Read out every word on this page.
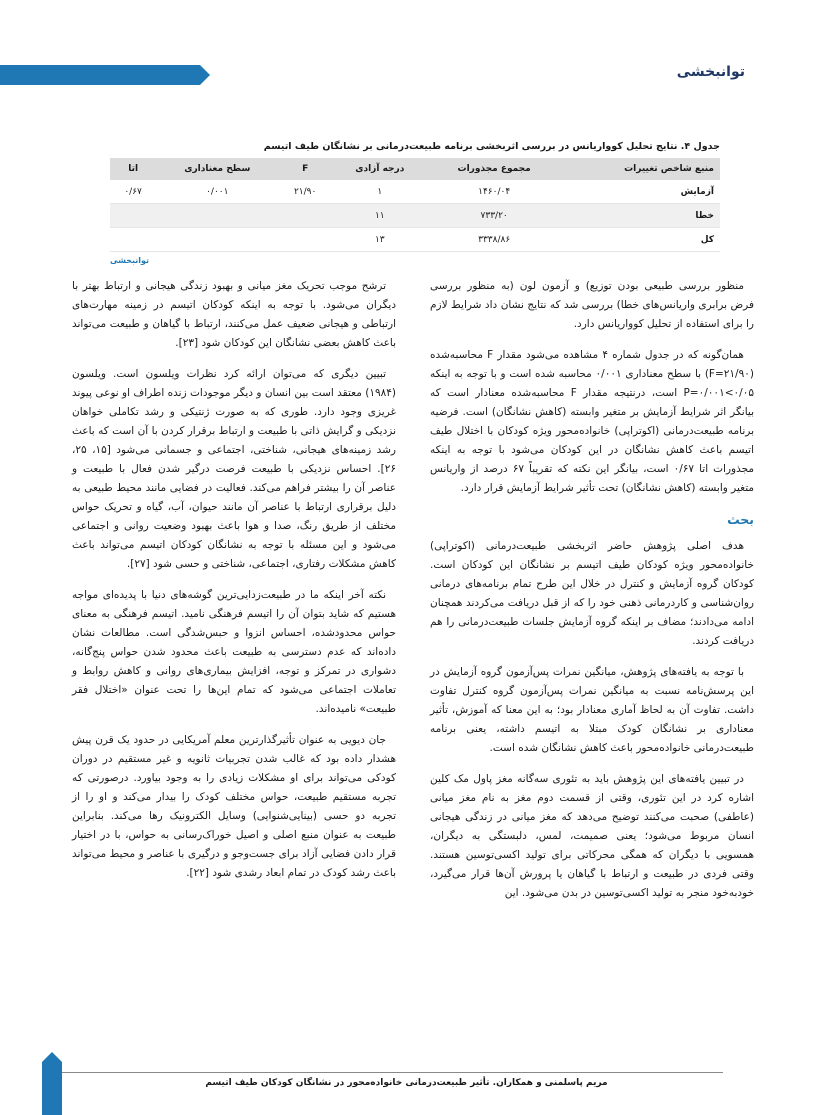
توانبخشی
جدول ۴. نتایج تحلیل کوواریانس در بررسی اثربخشی برنامه طبیعت‌درمانی بر نشانگان طیف اتیسم
منبع شاخص تغییرات	مجموع مجذورات	درجه آزادی	F	سطح معناداری	اتا
آزمایش	۱۴۶۰/۰۴	۱	۲۱/۹۰	۰/۰۰۱	۰/۶۷
خطا	۷۳۳/۲۰	۱۱			
کل	۳۳۳۸/۸۶	۱۳			
توانبخشی

منظور بررسی طبیعی بودن توزیع) و آزمون لون (به منظور بررسی فرض برابری واریانس‌های خطا) بررسی شد که نتایج نشان داد شرایط لازم را برای استفاده از تحلیل کوواریانس دارد.

همان‌گونه که در جدول شماره ۴ مشاهده می‌شود مقدار F محاسبه‌شده (۲۱/۹۰=F) با سطح معناداری ۰/۰۰۱ محاسبه شده است و با توجه به اینکه ۰/۰۵>۰/۰۰۱=P است، درنتیجه مقدار F محاسبه‌شده معنادار است که بیانگر اثر شرایط آزمایش بر متغیر وابسته (کاهش نشانگان) است. فرضیه برنامه طبیعت‌درمانی (اکوتراپی) خانواده‌محور ویژه کودکان با اختلال طیف اتیسم باعث کاهش نشانگان در این کودکان می‌شود با توجه به اینکه مجذورات اتا ۰/۶۷ است، بیانگر این نکته که تقریباً ۶۷ درصد از واریانس متغیر وابسته (کاهش نشانگان) تحت تأثیر شرایط آزمایش قرار دارد.

بحث

هدف اصلی پژوهش حاضر اثربخشی طبیعت‌درمانی (اکوتراپی) خانواده‌محور ویژه کودکان طیف اتیسم بر نشانگان این کودکان است. کودکان گروه آزمایش و کنترل در خلال این طرح تمام برنامه‌های درمانی روان‌شناسی و کاردرمانی ذهنی خود را که از قبل دریافت می‌کردند همچنان ادامه می‌دادند؛ مضاف بر اینکه گروه آزمایش جلسات طبیعت‌درمانی را هم دریافت کردند.

با توجه به یافته‌های پژوهش، میانگین نمرات پس‌آزمون گروه آزمایش در این پرسش‌نامه نسبت به میانگین نمرات پس‌آزمون گروه کنترل تفاوت داشت. تفاوت آن به لحاظ آماری معنادار بود؛ به این معنا که آموزش، تأثیر معناداری بر نشانگان کودک مبتلا به اتیسم داشته، یعنی برنامه طبیعت‌درمانی خانواده‌محور باعث کاهش نشانگان شده است.

در تبیین یافته‌های این پژوهش باید به تئوری سه‌گانه مغز پاول مک کلین اشاره کرد در این تئوری، وقتی از قسمت دوم مغز به نام مغز میانی (عاطفی) صحبت می‌کنند توضیح می‌دهد که مغز میانی در زندگی هیجانی انسان مربوط می‌شود؛ یعنی صمیمت، لمس، دلبستگی به دیگران، همسویی با دیگران که همگی محرکاتی برای تولید اکسی‌توسین هستند. وقتی فردی در طبیعت و ارتباط با گیاهان یا پرورش آن‌ها قرار می‌گیرد، خودبه‌خود منجر به تولید اکسی‌توسین در بدن می‌شود. این

ترشح موجب تحریک مغز میانی و بهبود زندگی هیجانی و ارتباط بهتر با دیگران می‌شود. با توجه به اینکه کودکان اتیسم در زمینه مهارت‌های ارتباطی و هیجانی ضعیف عمل می‌کنند، ارتباط با گیاهان و طبیعت می‌تواند باعث کاهش بعضی نشانگان این کودکان شود [۲۳].

تبیین دیگری که می‌توان ارائه کرد نظرات ویلسون است. ویلسون (۱۹۸۴) معتقد است بین انسان و دیگر موجودات زنده اطراف او نوعی پیوند غریزی وجود دارد. طوری که به صورت ژنتیکی و رشد تکاملی خواهان نزدیکی و گرایش ذاتی با طبیعت و ارتباط برقرار کردن با آن است که باعث رشد زمینه‌های هیجانی، شناختی، اجتماعی و جسمانی می‌شود [۱۵، ۲۵، ۲۶]. احساس نزدیکی با طبیعت فرصت درگیر شدن فعال با طبیعت و عناصر آن را بیشتر فراهم می‌کند. فعالیت در فضایی مانند محیط طبیعی به دلیل برقراری ارتباط با عناصر آن مانند حیوان، آب، گیاه و تحریک حواس مختلف از طریق رنگ، صدا و هوا باعث بهبود وضعیت روانی و اجتماعی می‌شود و این مسئله با توجه به نشانگان کودکان اتیسم می‌تواند باعث کاهش مشکلات رفتاری، اجتماعی، شناختی و حسی شود [۲۷].

نکته آخر اینکه ما در طبیعت‌زدایی‌ترین گوشه‌های دنیا با پدیده‌ای مواجه هستیم که شاید بتوان آن را اتیسم فرهنگی نامید. اتیسم فرهنگی به معنای حواس محدودشده، احساس انزوا و حبس‌شدگی است. مطالعات نشان داده‌اند که عدم دسترسی به طبیعت باعث محدود شدن حواس پنج‌گانه، دشواری در تمرکز و توجه، افزایش بیماری‌های روانی و کاهش روابط و تعاملات اجتماعی می‌شود که تمام این‌ها را تحت عنوان «اختلال فقر طبیعت» نامیده‌اند.

جان دیویی به عنوان تأثیرگذارترین معلم آمریکایی در حدود یک قرن پیش هشدار داده بود که غالب شدن تجربیات ثانویه و غیر مستقیم در دوران کودکی می‌تواند برای او مشکلات زیادی را به وجود بیاورد. درصورتی که تجربه مستقیم طبیعت، حواس مختلف کودک را بیدار می‌کند و او را از تجربه دو حسی (بینایی‌شنوایی) وسایل الکترونیک رها می‌کند. بنابراین طبیعت به عنوان منبع اصلی و اصیل خوراک‌رسانی به حواس، با در اختیار قرار دادن فضایی آزاد برای جست‌وجو و درگیری با عناصر و محیط می‌تواند باعث رشد کودک در تمام ابعاد رشدی شود [۲۲].

مریم پاسلمنی و همکاران. تأثیر طبیعت‌درمانی خانواده‌محور در نشانگان کودکان طیف اتیسم
